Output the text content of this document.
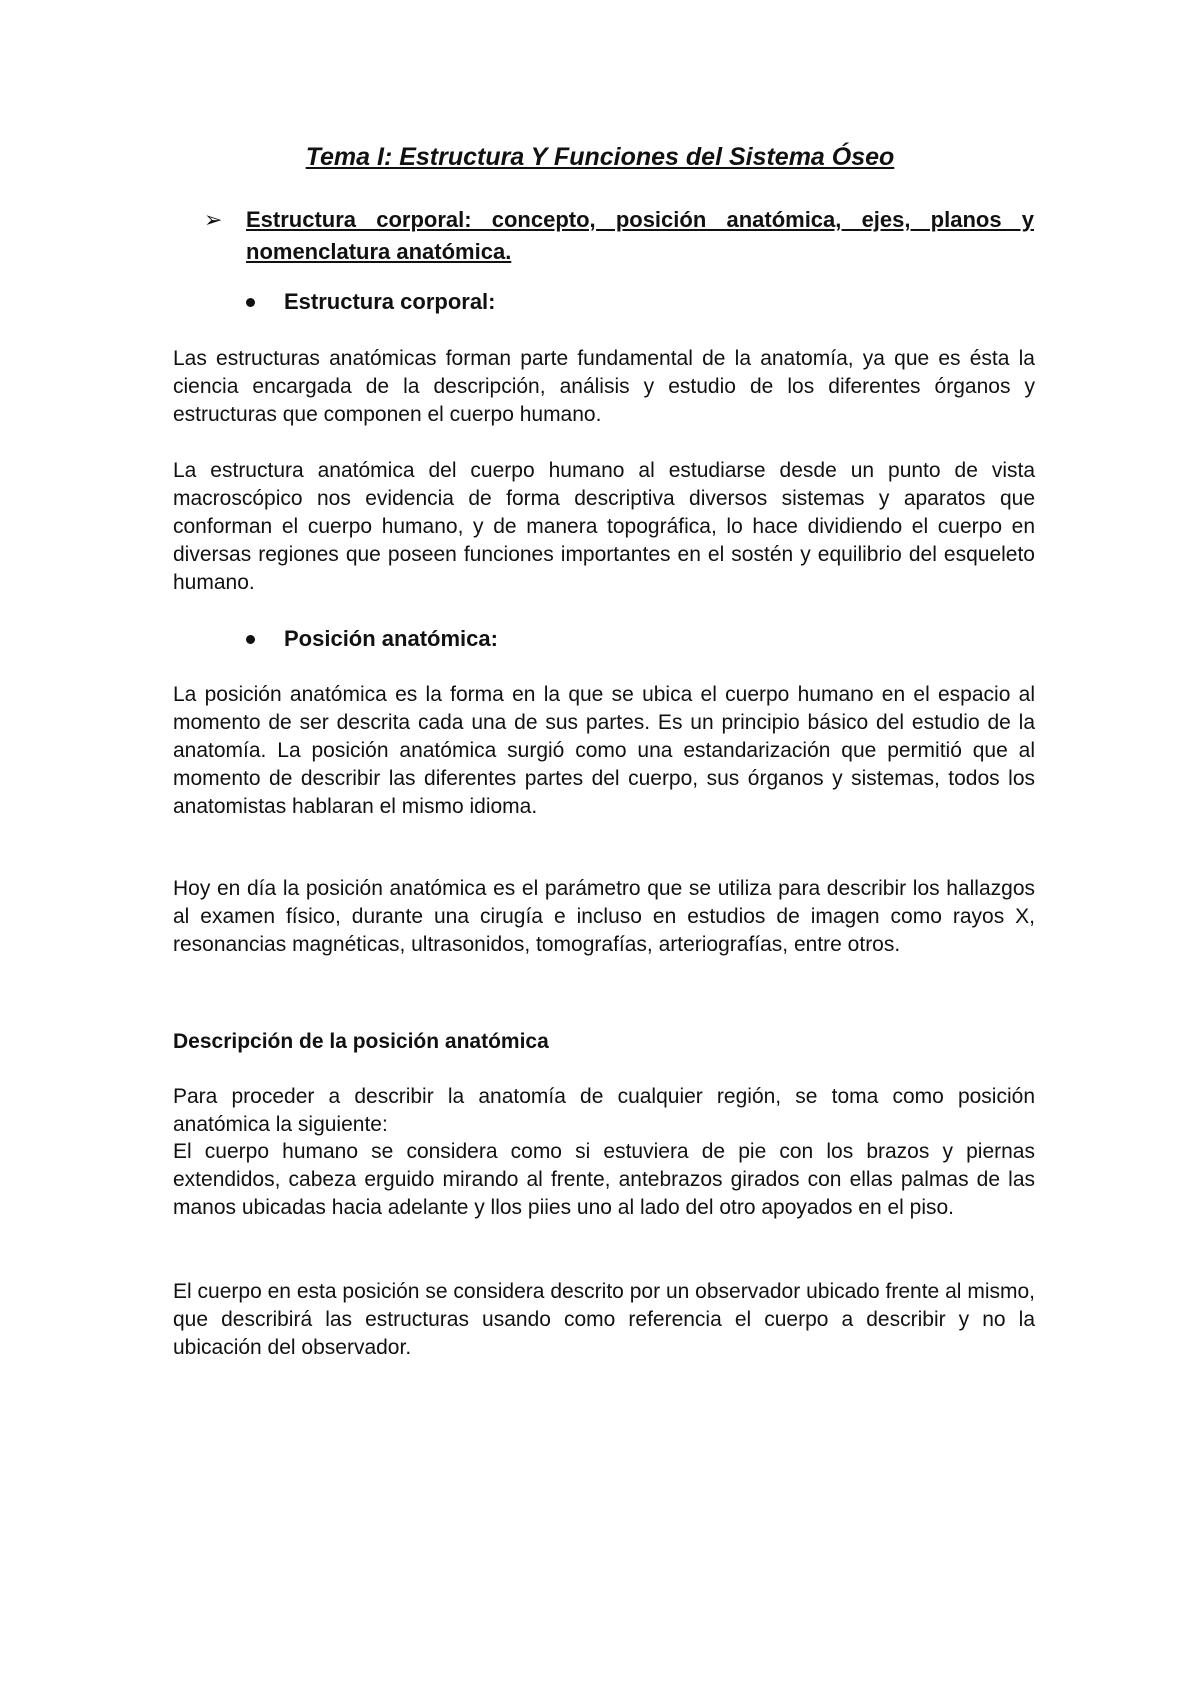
Tema I: Estructura Y Funciones del Sistema Óseo
➢ Estructura corporal: concepto, posición anatómica, ejes, planos y nomenclatura anatómica.
Estructura corporal:

Las estructuras anatómicas forman parte fundamental de la anatomía, ya que es ésta la ciencia encargada de la descripción, análisis y estudio de los diferentes órganos y estructuras que componen el cuerpo humano.

La estructura anatómica del cuerpo humano al estudiarse desde un punto de vista macroscópico nos evidencia de forma descriptiva diversos sistemas y aparatos que conforman el cuerpo humano, y de manera topográfica, lo hace dividiendo el cuerpo en diversas regiones que poseen funciones importantes en el sostén y equilibrio del esqueleto humano.

Posición anatómica:

La posición anatómica es la forma en la que se ubica el cuerpo humano en el espacio al momento de ser descrita cada una de sus partes. Es un principio básico del estudio de la anatomía. La posición anatómica surgió como una estandarización que permitió que al momento de describir las diferentes partes del cuerpo, sus órganos y sistemas, todos los anatomistas hablaran el mismo idioma.

Hoy en día la posición anatómica es el parámetro que se utiliza para describir los hallazgos al examen físico, durante una cirugía e incluso en estudios de imagen como rayos X, resonancias magnéticas, ultrasonidos, tomografías, arteriografías, entre otros.

Descripción de la posición anatómica

Para proceder a describir la anatomía de cualquier región, se toma como posición anatómica la siguiente:

El cuerpo humano se considera como si estuviera de pie con los brazos y piernas extendidos, cabeza erguido mirando al frente, antebrazos girados con ellas palmas de las manos ubicadas hacia adelante y llos piies uno al lado del otro apoyados en el piso.

El cuerpo en esta posición se considera descrito por un observador ubicado frente al mismo, que describirá las estructuras usando como referencia el cuerpo a describir y no la ubicación del observador.
